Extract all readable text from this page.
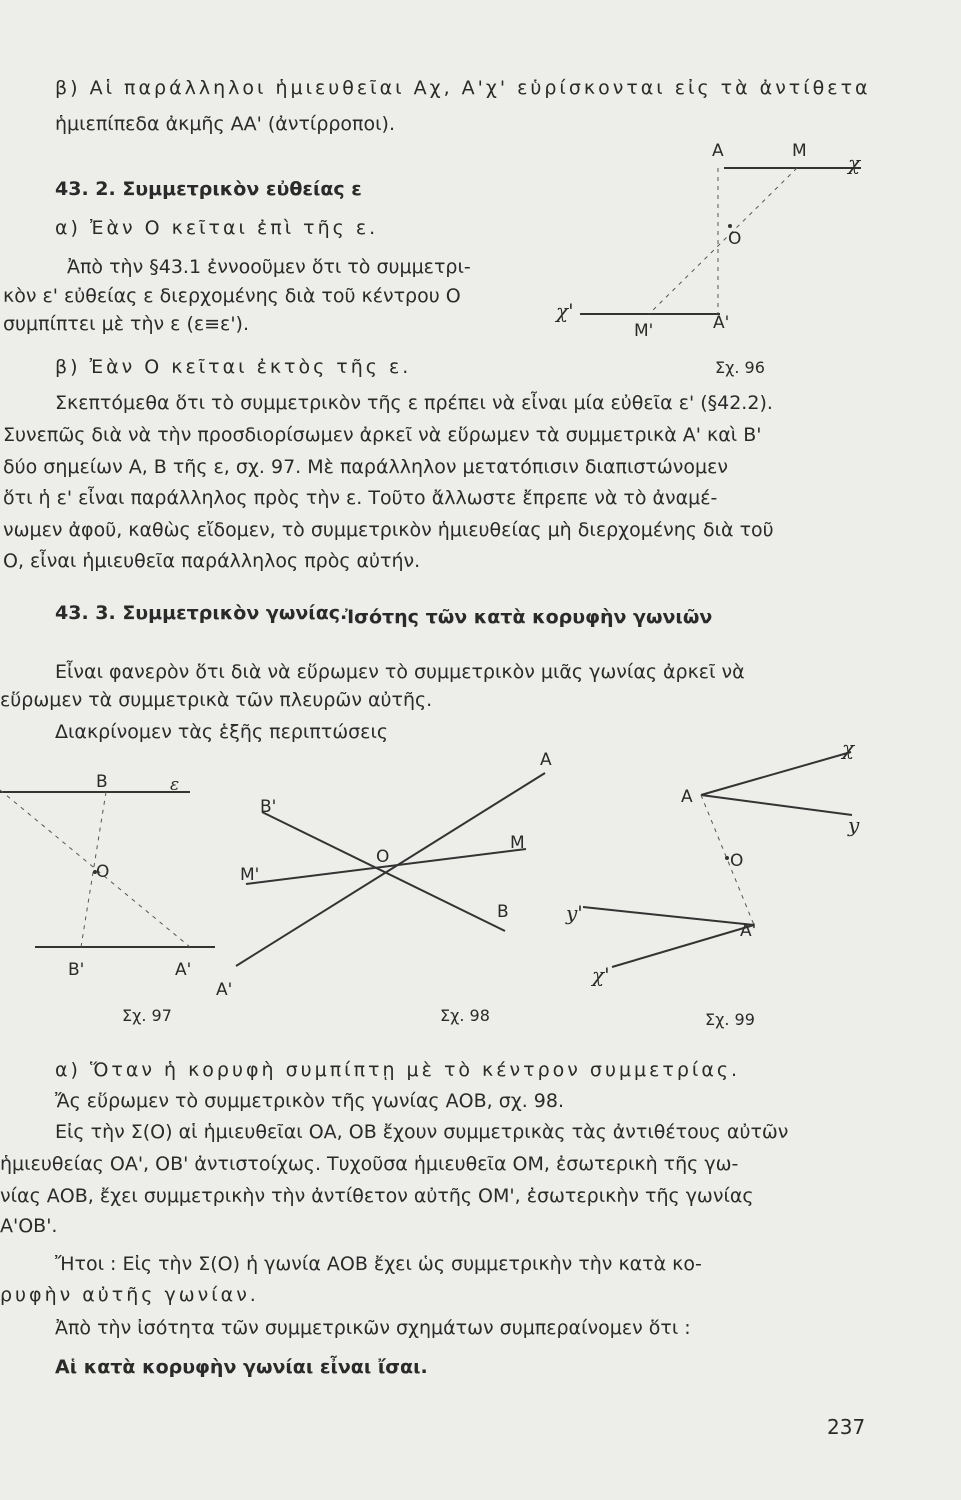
β) Αἱ παράλληλοι ἡμιευθεῖαι Αχ, Α'χ' εὑρίσκονται εἰς τὰ ἀντίθετα
ἡμιεπίπεδα ἀκμῆς ΑΑ' (ἀντίρροποι).
43. 2. Συμμετρικὸν εὐθείας ε
α) Ἐὰν Ο κεῖται ἐπὶ τῆς ε.
Ἀπὸ τὴν §43.1 ἐννοοῦμεν ὅτι τὸ συμμετρι-
κὸν ε' εὐθείας ε διερχομένης διὰ τοῦ κέντρου Ο
συμπίπτει μὲ τὴν ε (ε≡ε').
Α	Μ χ
Ο
χ'
Μ'	Α'
β) Ἐὰν Ο κεῖται ἐκτὸς τῆς ε.	Σχ. 96
Σκεπτόμεθα ὅτι τὸ συμμετρικὸν τῆς ε πρέπει νὰ εἶναι μία εὐθεῖα ε' (§42.2).
Συνεπῶς διὰ νὰ τὴν προσδιορίσωμεν ἀρκεῖ νὰ εὕρωμεν τὰ συμμετρικὰ Α' καὶ Β'
δύο σημείων Α, Β τῆς ε, σχ. 97. Μὲ παράλληλον μετατόπισιν διαπιστώνομεν
ὅτι ἡ ε' εἶναι παράλληλος πρὸς τὴν ε. Τοῦτο ἄλλωστε ἔπρεπε νὰ τὸ ἀναμέ-
νωμεν ἀφοῦ, καθὼς εἴδομεν, τὸ συμμετρικὸν ἡμιευθείας μὴ διερχομένης διὰ τοῦ
Ο, εἶναι ἡμιευθεῖα παράλληλος πρὸς αὐτήν.
43. 3. Συμμετρικὸν γωνίας.
Ἰσότης τῶν κατὰ κορυφὴν γωνιῶν
Εἶναι φανερὸν ὅτι διὰ νὰ εὕρωμεν τὸ συμμετρικὸν μιᾶς γωνίας ἀρκεῖ νὰ
εὕρωμεν τὰ συμμετρικὰ τῶν πλευρῶν αὐτῆς.
Διακρίνομεν τὰς ἑξῆς περιπτώσεις
Β	ε
Ο
Β'	Α'
Σχ. 97
Α
Β'
Ο
Μ
Μ'
Β
Α'
Σχ. 98
Α
χ
y
Ο
y'
Α'
χ'
Σχ. 99
α) Ὅταν ἡ κορυφὴ συμπίπτῃ μὲ τὸ κέντρον συμμετρίας.
Ἄς εὕρωμεν τὸ συμμετρικὸν τῆς γωνίας ΑΟΒ, σχ. 98.
Εἰς τὴν Σ(Ο) αἱ ἡμιευθεῖαι ΟΑ, ΟΒ ἔχουν συμμετρικὰς τὰς ἀντιθέτους αὐτῶν
ἡμιευθείας ΟΑ', ΟΒ' ἀντιστοίχως. Τυχοῦσα ἡμιευθεῖα ΟΜ, ἐσωτερικὴ τῆς γω-
νίας ΑΟΒ, ἔχει συμμετρικὴν τὴν ἀντίθετον αὐτῆς ΟΜ', ἐσωτερικὴν τῆς γωνίας
Α'ΟΒ'.
Ἤτοι : Εἰς τὴν Σ(Ο) ἡ γωνία ΑΟΒ ἔχει ὡς συμμετρικὴν τὴν κατὰ κο-
ρυφὴν αὐτῆς γωνίαν.
Ἀπὸ τὴν ἰσότητα τῶν συμμετρικῶν σχημάτων συμπεραίνομεν ὅτι :
Αἱ κατὰ κορυφὴν γωνίαι εἶναι ἴσαι.
237
